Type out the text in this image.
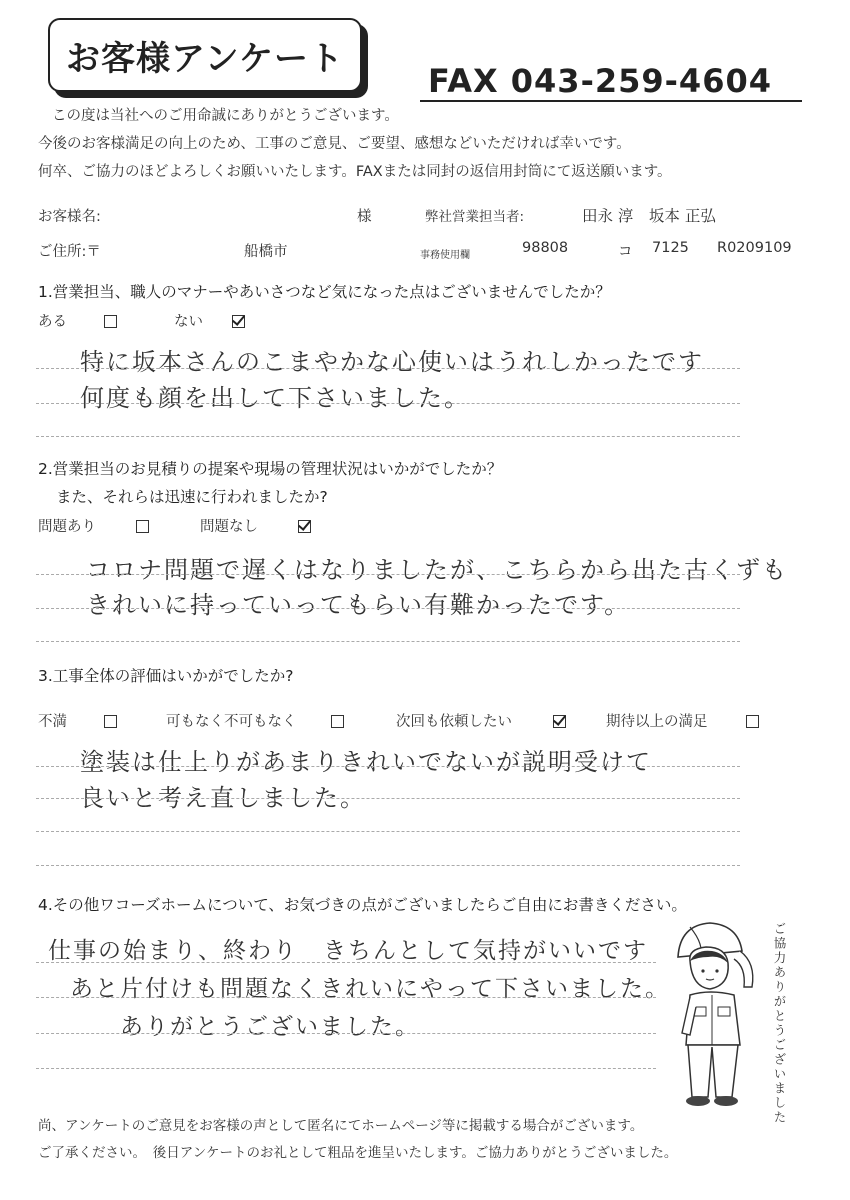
お客様アンケート
FAX 043-259-4604
この度は当社へのご用命誠にありがとうございます。
今後のお客様満足の向上のため、工事のご意見、ご要望、感想などいただければ幸いです。
何卒、ご協力のほどよろしくお願いいたします。FAXまたは同封の返信用封筒にて返送願います。
お客様名:	様	弊社営業担当者:	田永 淳　坂本 正弘
ご住所:〒	船橋市	事務使用欄	98808	コ 7125 R0209109
1.営業担当、職人のマナーやあいさつなど気になった点はございませんでしたか？
ある	ない
特に坂本さんのこまやかな心使いはうれしかったです
何度も顔を出して下さいました。
2.営業担当のお見積りの提案や現場の管理状況はいかがでしたか？
また、それらは迅速に行われましたか?
問題あり	問題なし
コロナ問題で遅くはなりましたが、こちらから出た古くずも
きれいに持っていってもらい有難かったです。
3.工事全体の評価はいかがでしたか?
不満	可もなく不可もなく	次回も依頼したい	期待以上の満足
塗装は仕上りがあまりきれいでないが説明受けて
良いと考え直しました。
4.その他ワコーズホームについて、お気づきの点がございましたらご自由にお書きください。
仕事の始まり、終わり　きちんとして気持がいいです
あと片付けも問題なくきれいにやって下さいました。
ありがとうございました。	ご協力ありがとうございました
尚、アンケートのご意見をお客様の声として匿名にてホームページ等に掲載する場合がございます。
ご了承ください。　後日アンケートのお礼として粗品を進呈いたします。ご協力ありがとうございました。
